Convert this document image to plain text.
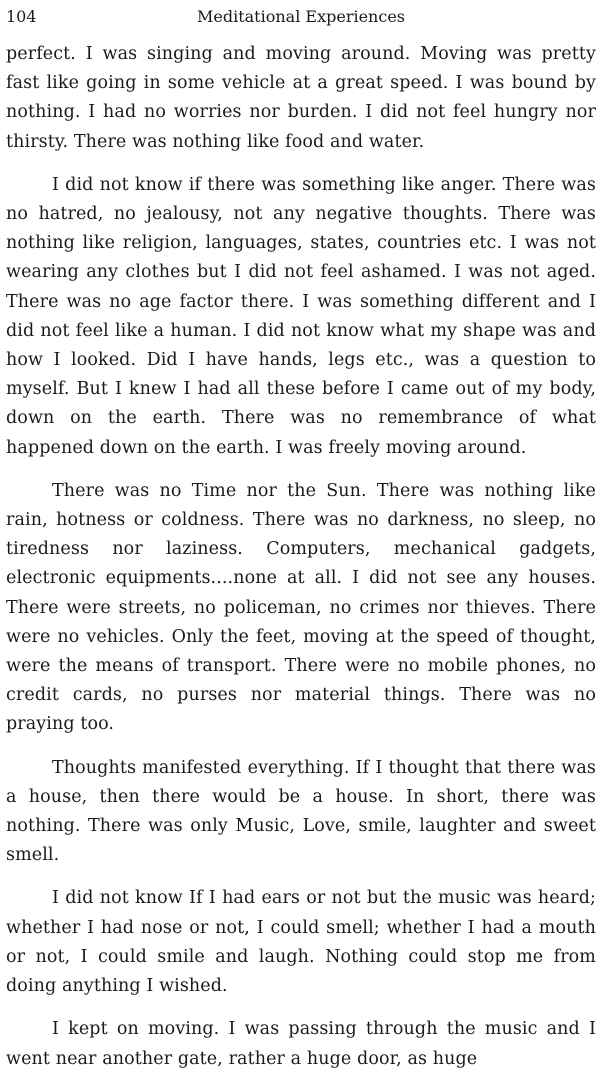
104	Meditational Experiences

perfect. I was singing and moving around. Moving was pretty fast like going in some vehicle at a great speed. I was bound by nothing. I had no worries nor burden. I did not feel hungry nor thirsty. There was nothing like food and water.

I did not know if there was something like anger. There was no hatred, no jealousy, not any negative thoughts. There was nothing like religion, languages, states, countries etc. I was not wearing any clothes but I did not feel ashamed. I was not aged. There was no age factor there. I was something different and I did not feel like a human. I did not know what my shape was and how I looked. Did I have hands, legs etc., was a question to myself. But I knew I had all these before I came out of my body, down on the earth. There was no remembrance of what happened down on the earth. I was freely moving around.

There was no Time nor the Sun. There was nothing like rain, hotness or coldness. There was no darkness, no sleep, no tiredness nor laziness. Computers, mechanical gadgets, electronic equipments....none at all. I did not see any houses. There were streets, no policeman, no crimes nor thieves. There were no vehicles. Only the feet, moving at the speed of thought, were the means of transport. There were no mobile phones, no credit cards, no purses nor material things. There was no praying too.

Thoughts manifested everything. If I thought that there was a house, then there would be a house. In short, there was nothing. There was only Music, Love, smile, laughter and sweet smell.

I did not know If I had ears or not but the music was heard; whether I had nose or not, I could smell; whether I had a mouth or not, I could smile and laugh. Nothing could stop me from doing anything I wished.

I kept on moving. I was passing through the music and I went near another gate, rather a huge door, as huge
